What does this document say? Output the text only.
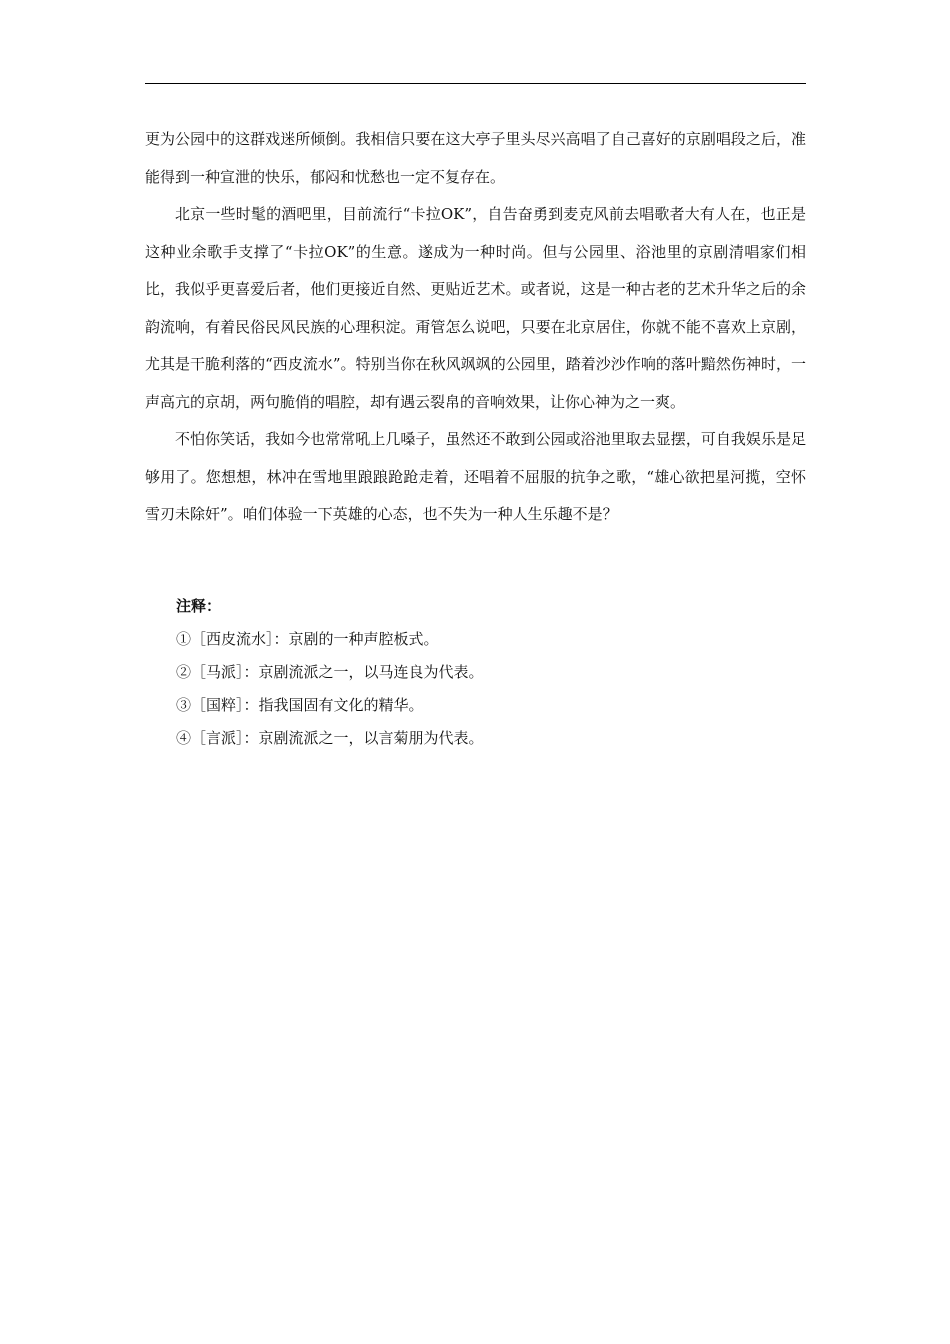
更为公园中的这群戏迷所倾倒。我相信只要在这大亭子里头尽兴高唱了自己喜好的京剧唱段之后，准能得到一种宣泄的快乐，郁闷和忧愁也一定不复存在。

北京一些时髦的酒吧里，目前流行“卡拉OK”，自告奋勇到麦克风前去唱歌者大有人在，也正是这种业余歌手支撑了“卡拉OK”的生意。遂成为一种时尚。但与公园里、浴池里的京剧清唱家们相比，我似乎更喜爱后者，他们更接近自然、更贴近艺术。或者说，这是一种古老的艺术升华之后的余韵流响，有着民俗民风民族的心理积淀。甭管怎么说吧，只要在北京居住，你就不能不喜欢上京剧，尤其是干脆利落的“西皮流水”。特别当你在秋风飒飒的公园里，踏着沙沙作响的落叶黯然伤神时，一声高亢的京胡，两句脆俏的唱腔，却有遇云裂帛的音响效果，让你心神为之一爽。

不怕你笑话，我如今也常常吼上几嗓子，虽然还不敢到公园或浴池里取去显摆，可自我娱乐是足够用了。您想想，林冲在雪地里踉踉跄跄走着，还唱着不屈服的抗争之歌，“雄心欲把星河揽，空怀雪刃未除奸”。咱们体验一下英雄的心态，也不失为一种人生乐趣不是？

注释：

①［西皮流水］：京剧的一种声腔板式。
②［马派］：京剧流派之一，以马连良为代表。
③［国粹］：指我国固有文化的精华。
④［言派］：京剧流派之一，以言菊朋为代表。
